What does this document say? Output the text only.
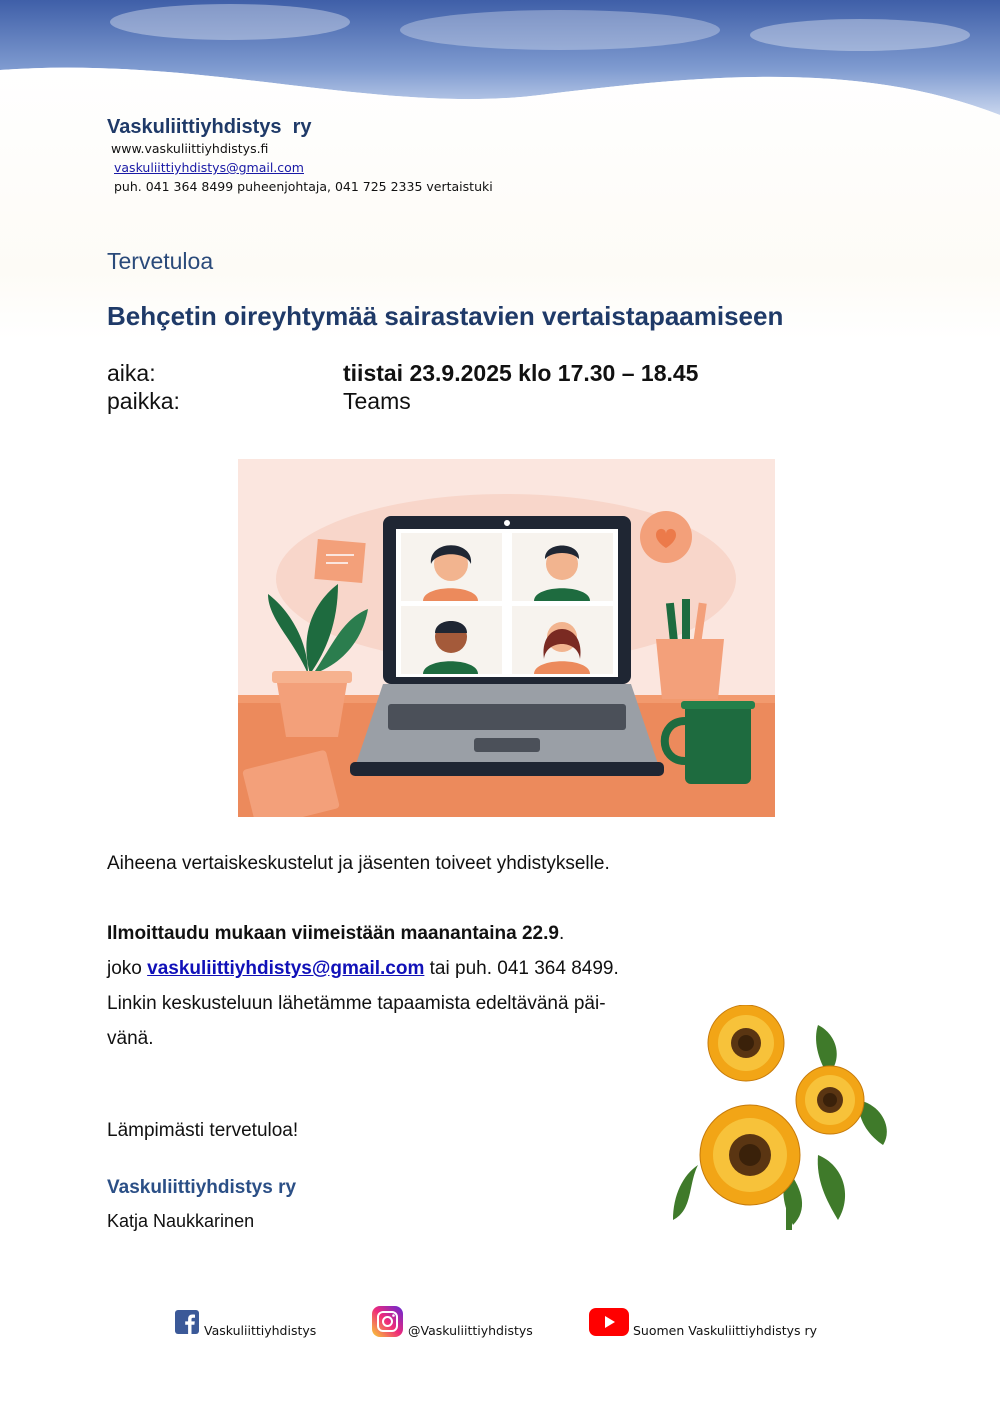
Vaskuliittiyhdistys  ry
www.vaskuliittiyhdistys.fi
vaskuliittiyhdistys@gmail.com
puh. 041 364 8499 puheenjohtaja, 041 725 2335 vertaistuki
Tervetuloa
Behçetin oireyhtymää sairastavien vertaistapaamiseen
aika:	tiistai 23.9.2025 klo 17.30 – 18.45
paikka:	Teams
Aiheena vertaiskeskustelut ja jäsenten toiveet yhdistykselle.
Ilmoittaudu mukaan viimeistään maanantaina 22.9.
joko vaskuliittiyhdistys@gmail.com tai puh. 041 364 8499.
Linkin keskusteluun lähetämme tapaamista edeltävänä päi-
vänä.
Lämpimästi tervetuloa!
Vaskuliittiyhdistys ry
Katja Naukkarinen
Vaskuliittiyhdistys	@Vaskuliittiyhdistys	Suomen Vaskuliittiyhdistys ry
